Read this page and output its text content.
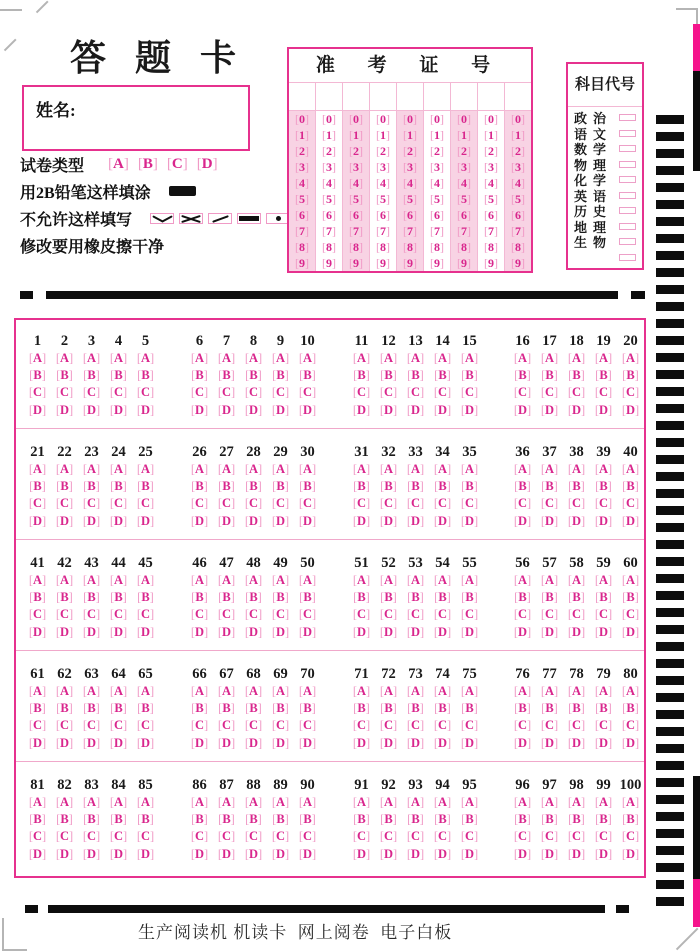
答 题 卡
姓名:
试卷类型 [A] [B] [C] [D]
用2B铅笔这样填涂
不允许这样填写
修改要用橡皮擦干净
准 考 证 号
[0]
[1]
[2]
[3]
[4]
[5]
[6]
[7]
[8]
[9]
[0]
[1]
[2]
[3]
[4]
[5]
[6]
[7]
[8]
[9]
[0]
[1]
[2]
[3]
[4]
[5]
[6]
[7]
[8]
[9]
[0]
[1]
[2]
[3]
[4]
[5]
[6]
[7]
[8]
[9]
[0]
[1]
[2]
[3]
[4]
[5]
[6]
[7]
[8]
[9]
[0]
[1]
[2]
[3]
[4]
[5]
[6]
[7]
[8]
[9]
[0]
[1]
[2]
[3]
[4]
[5]
[6]
[7]
[8]
[9]
[0]
[1]
[2]
[3]
[4]
[5]
[6]
[7]
[8]
[9]
[0]
[1]
[2]
[3]
[4]
[5]
[6]
[7]
[8]
[9]
科目代号
政 治
语 文
数 学
物 理
化 学
英 语
历 史
地 理
生 物
1
[A]
[B]
[C]
[D]
2
[A]
[B]
[C]
[D]
3
[A]
[B]
[C]
[D]
4
[A]
[B]
[C]
[D]
5
[A]
[B]
[C]
[D]
6
[A]
[B]
[C]
[D]
7
[A]
[B]
[C]
[D]
8
[A]
[B]
[C]
[D]
9
[A]
[B]
[C]
[D]
10
[A]
[B]
[C]
[D]
11
[A]
[B]
[C]
[D]
12
[A]
[B]
[C]
[D]
13
[A]
[B]
[C]
[D]
14
[A]
[B]
[C]
[D]
15
[A]
[B]
[C]
[D]
16
[A]
[B]
[C]
[D]
17
[A]
[B]
[C]
[D]
18
[A]
[B]
[C]
[D]
19
[A]
[B]
[C]
[D]
20
[A]
[B]
[C]
[D]
21
[A]
[B]
[C]
[D]
22
[A]
[B]
[C]
[D]
23
[A]
[B]
[C]
[D]
24
[A]
[B]
[C]
[D]
25
[A]
[B]
[C]
[D]
26
[A]
[B]
[C]
[D]
27
[A]
[B]
[C]
[D]
28
[A]
[B]
[C]
[D]
29
[A]
[B]
[C]
[D]
30
[A]
[B]
[C]
[D]
31
[A]
[B]
[C]
[D]
32
[A]
[B]
[C]
[D]
33
[A]
[B]
[C]
[D]
34
[A]
[B]
[C]
[D]
35
[A]
[B]
[C]
[D]
36
[A]
[B]
[C]
[D]
37
[A]
[B]
[C]
[D]
38
[A]
[B]
[C]
[D]
39
[A]
[B]
[C]
[D]
40
[A]
[B]
[C]
[D]
41
[A]
[B]
[C]
[D]
42
[A]
[B]
[C]
[D]
43
[A]
[B]
[C]
[D]
44
[A]
[B]
[C]
[D]
45
[A]
[B]
[C]
[D]
46
[A]
[B]
[C]
[D]
47
[A]
[B]
[C]
[D]
48
[A]
[B]
[C]
[D]
49
[A]
[B]
[C]
[D]
50
[A]
[B]
[C]
[D]
51
[A]
[B]
[C]
[D]
52
[A]
[B]
[C]
[D]
53
[A]
[B]
[C]
[D]
54
[A]
[B]
[C]
[D]
55
[A]
[B]
[C]
[D]
56
[A]
[B]
[C]
[D]
57
[A]
[B]
[C]
[D]
58
[A]
[B]
[C]
[D]
59
[A]
[B]
[C]
[D]
60
[A]
[B]
[C]
[D]
61
[A]
[B]
[C]
[D]
62
[A]
[B]
[C]
[D]
63
[A]
[B]
[C]
[D]
64
[A]
[B]
[C]
[D]
65
[A]
[B]
[C]
[D]
66
[A]
[B]
[C]
[D]
67
[A]
[B]
[C]
[D]
68
[A]
[B]
[C]
[D]
69
[A]
[B]
[C]
[D]
70
[A]
[B]
[C]
[D]
71
[A]
[B]
[C]
[D]
72
[A]
[B]
[C]
[D]
73
[A]
[B]
[C]
[D]
74
[A]
[B]
[C]
[D]
75
[A]
[B]
[C]
[D]
76
[A]
[B]
[C]
[D]
77
[A]
[B]
[C]
[D]
78
[A]
[B]
[C]
[D]
79
[A]
[B]
[C]
[D]
80
[A]
[B]
[C]
[D]
81
[A]
[B]
[C]
[D]
82
[A]
[B]
[C]
[D]
83
[A]
[B]
[C]
[D]
84
[A]
[B]
[C]
[D]
85
[A]
[B]
[C]
[D]
86
[A]
[B]
[C]
[D]
87
[A]
[B]
[C]
[D]
88
[A]
[B]
[C]
[D]
89
[A]
[B]
[C]
[D]
90
[A]
[B]
[C]
[D]
91
[A]
[B]
[C]
[D]
92
[A]
[B]
[C]
[D]
93
[A]
[B]
[C]
[D]
94
[A]
[B]
[C]
[D]
95
[A]
[B]
[C]
[D]
96
[A]
[B]
[C]
[D]
97
[A]
[B]
[C]
[D]
98
[A]
[B]
[C]
[D]
99
[A]
[B]
[C]
[D]
100
[A]
[B]
[C]
[D]
生产阅读机 机读卡  网上阅卷  电子白板
